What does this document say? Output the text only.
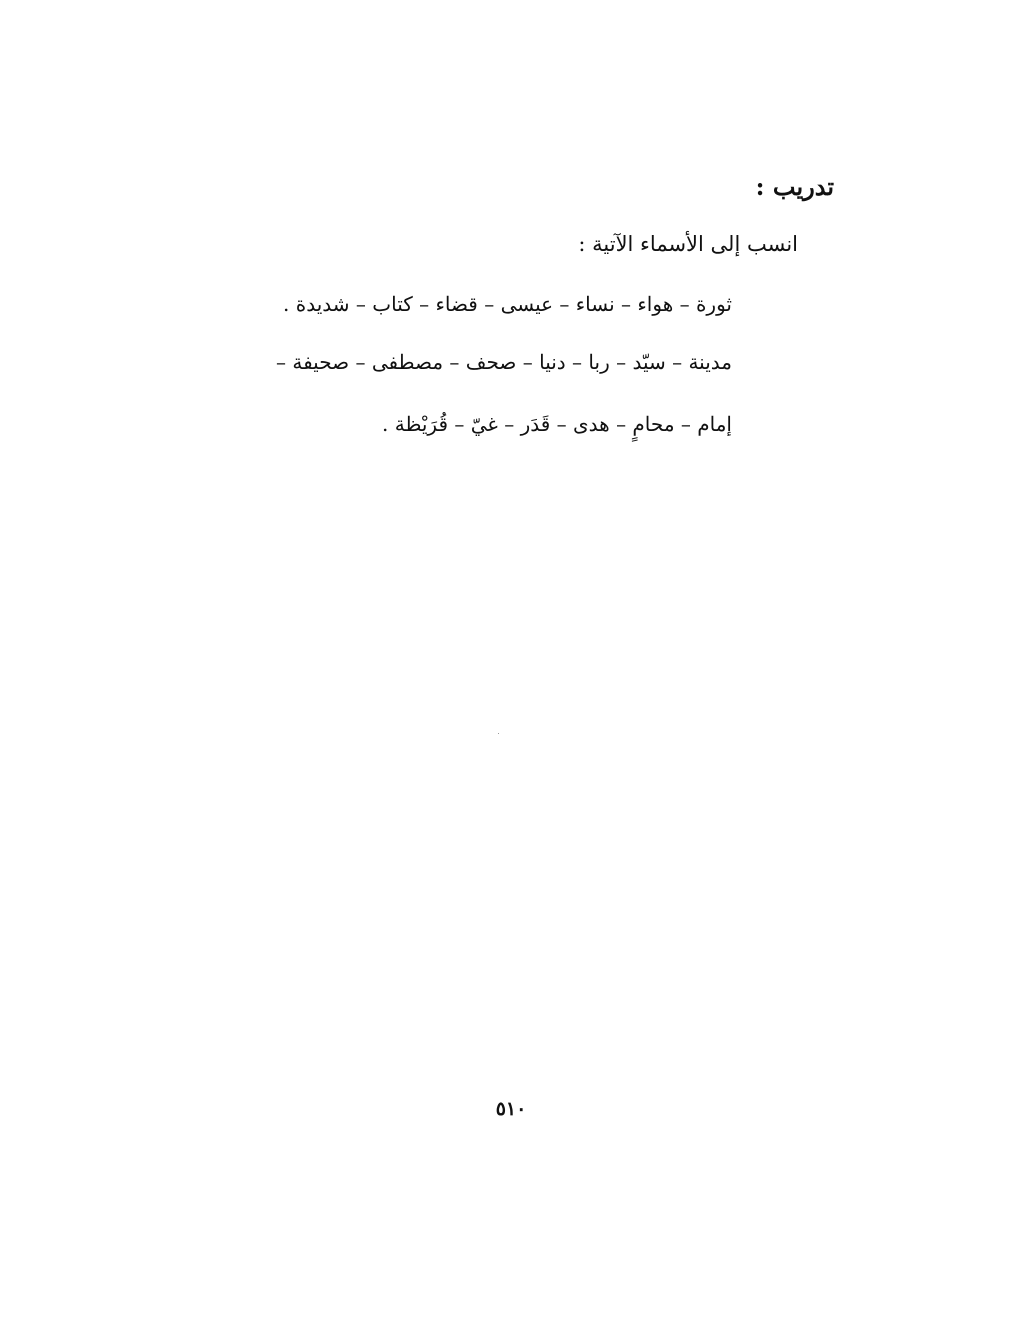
تدريب :
انسب إلى الأسماء الآتية :
ثورة – هواء – نساء – عيسى – قضاء – كتاب – شديدة .
مدينة – سيّد – ربا – دنيا – صحف – مصطفى – صحيفة –
إمام – محامٍ – هدى – قَدَر – غيّ – قُرَيْظة .
٥١٠
